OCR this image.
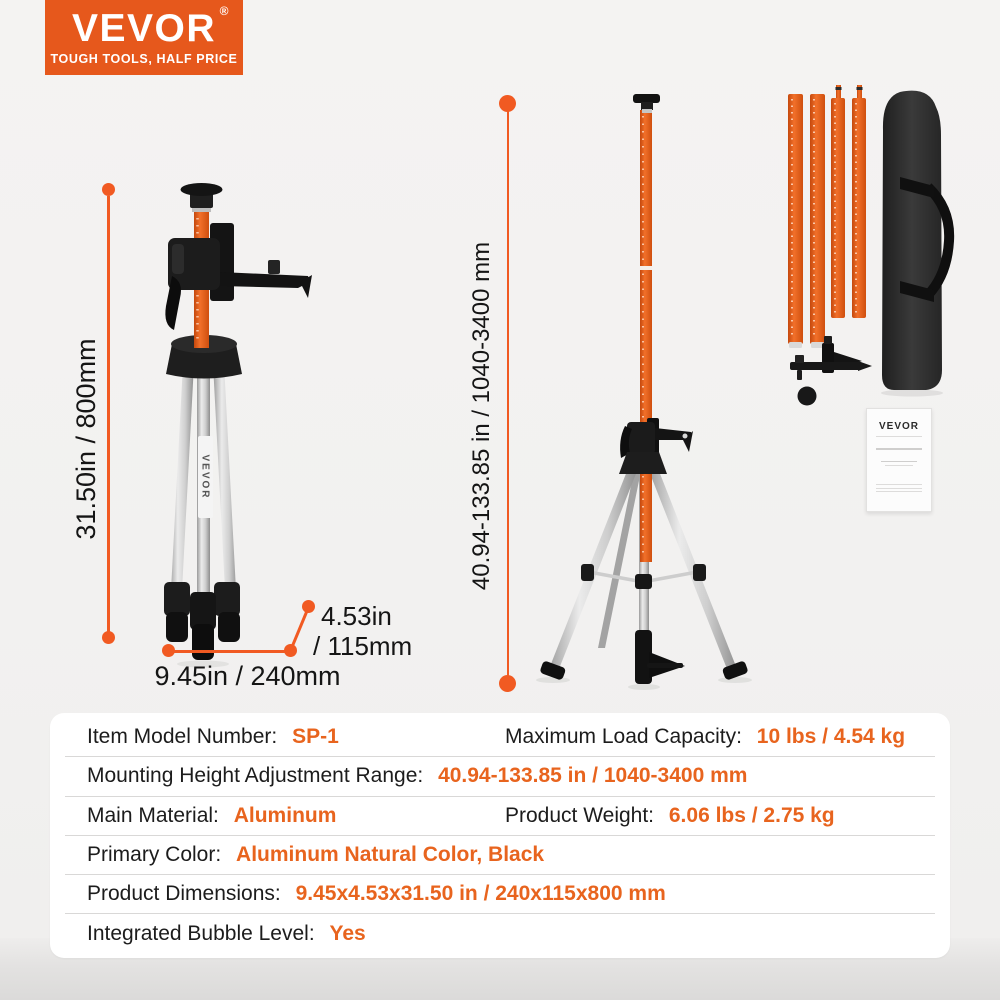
VEVOR ®
TOUGH TOOLS, HALF PRICE
VEVOR
VEVOR
31.50in / 800mm	40.94-133.85 in / 1040-3400 mm
9.45in / 240mm
4.53in
/ 115mm
Item Model Number: SP-1	Maximum Load Capacity: 10 lbs / 4.54 kg
Mounting Height Adjustment Range: 40.94-133.85 in / 1040-3400 mm
Main Material: Aluminum	Product Weight: 6.06 lbs / 2.75 kg
Primary Color: Aluminum Natural Color, Black
Product Dimensions: 9.45x4.53x31.50 in / 240x115x800 mm
Integrated Bubble Level: Yes
